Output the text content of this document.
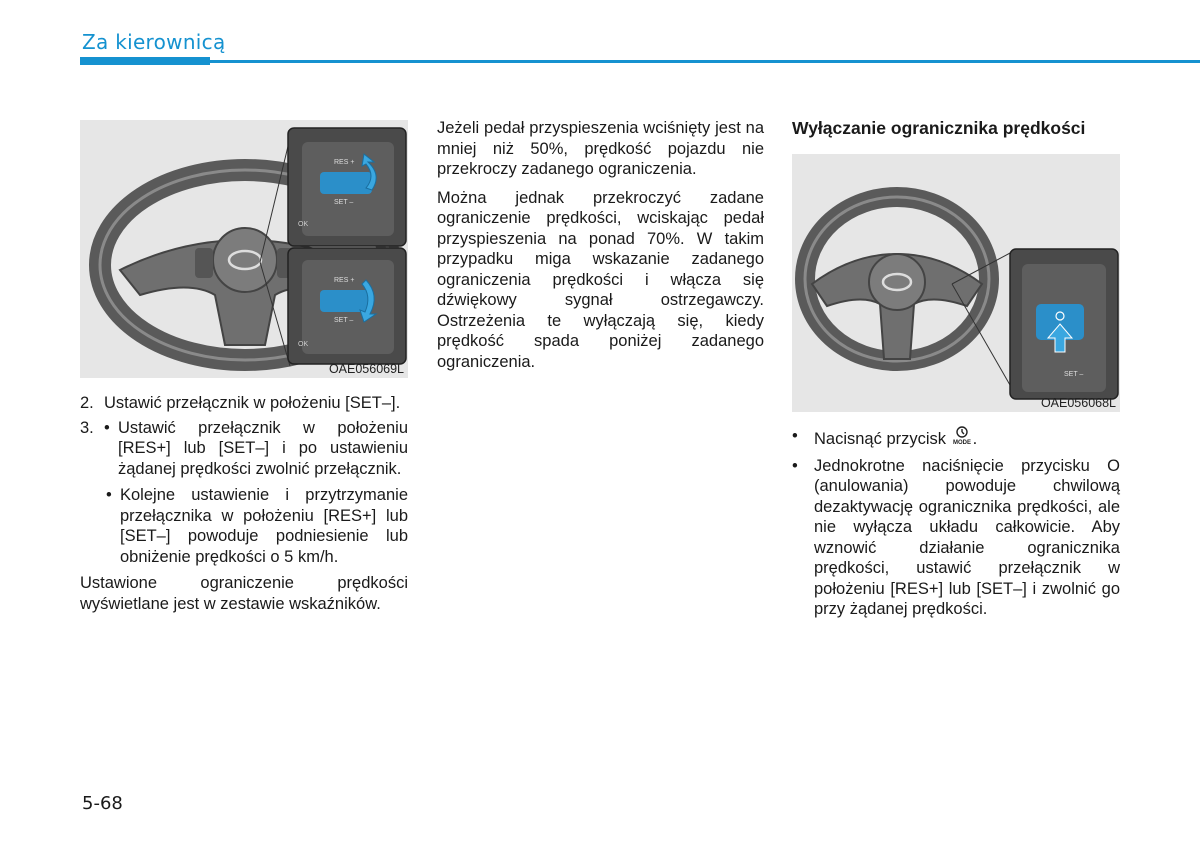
Za kierownicą
RES +
SET –
OK
RES +
SET –
OK
OAE056069L
2. Ustawić przełącznik w położeniu [SET–].
3. • Ustawić przełącznik w położeniu [RES+] lub [SET–] i po ustawieniu żądanej prędkości zwolnić przełącznik.
• Kolejne ustawienie i przytrzymanie przełącznika w położeniu [RES+] lub [SET–] powoduje podniesienie lub obniżenie prędkości o 5 km/h.
Ustawione ograniczenie prędkości wyświetlane jest w zestawie wskaźników.

Jeżeli pedał przyspieszenia wciśnięty jest na mniej niż 50%, prędkość pojazdu nie przekroczy zadanego ograniczenia.

Można jednak przekroczyć zadane ograniczenie prędkości, wciskając pedał przyspieszenia na ponad 70%. W takim przypadku miga wskazanie zadanego ograniczenia prędkości i włącza się dźwiękowy sygnał ostrzegawczy. Ostrzeżenia te wyłączają się, kiedy prędkość spada poniżej zadanego ograniczenia.

Wyłączanie ogranicznika prędkości
SET –
OAE056068L
• Nacisnąć przycisk MODE .
• Jednokrotne naciśnięcie przycisku O (anulowania) powoduje chwilową dezaktywację ogranicznika prędkości, ale nie wyłącza układu całkowicie. Aby wznowić działanie ogranicznika prędkości, ustawić przełącznik w położeniu [RES+] lub [SET–] i zwolnić go przy żądanej prędkości.
5-68
